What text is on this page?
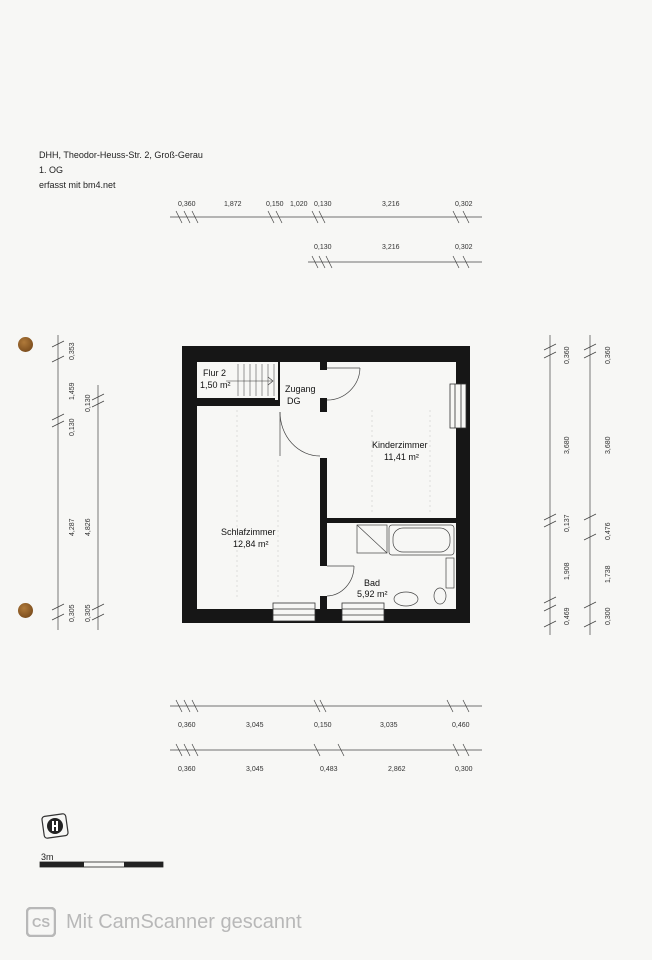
DHH, Theodor-Heuss-Str. 2, Groß-Gerau
1. OG
erfasst mit bm4.net
0,360	1,872	0,150 1,020 0,130	3,216	0,302
0,130	3,216	0,302
Flur 2
1,50 m²	Zugang
DG
Kinderzimmer
11,41 m²
Schlafzimmer
12,84 m²
Bad
5,92 m²
0,305
4,287
0,130
1,459
0,353
0,305
4,826
0,130
0,469
1,908
0,137
3,680
0,360
0,300
1,738
0,476
3,680
0,360
0,360	3,045	0,150	3,035	0,460
0,360	3,045	0,483	2,862	0,300
3m
CS Mit CamScanner gescannt
